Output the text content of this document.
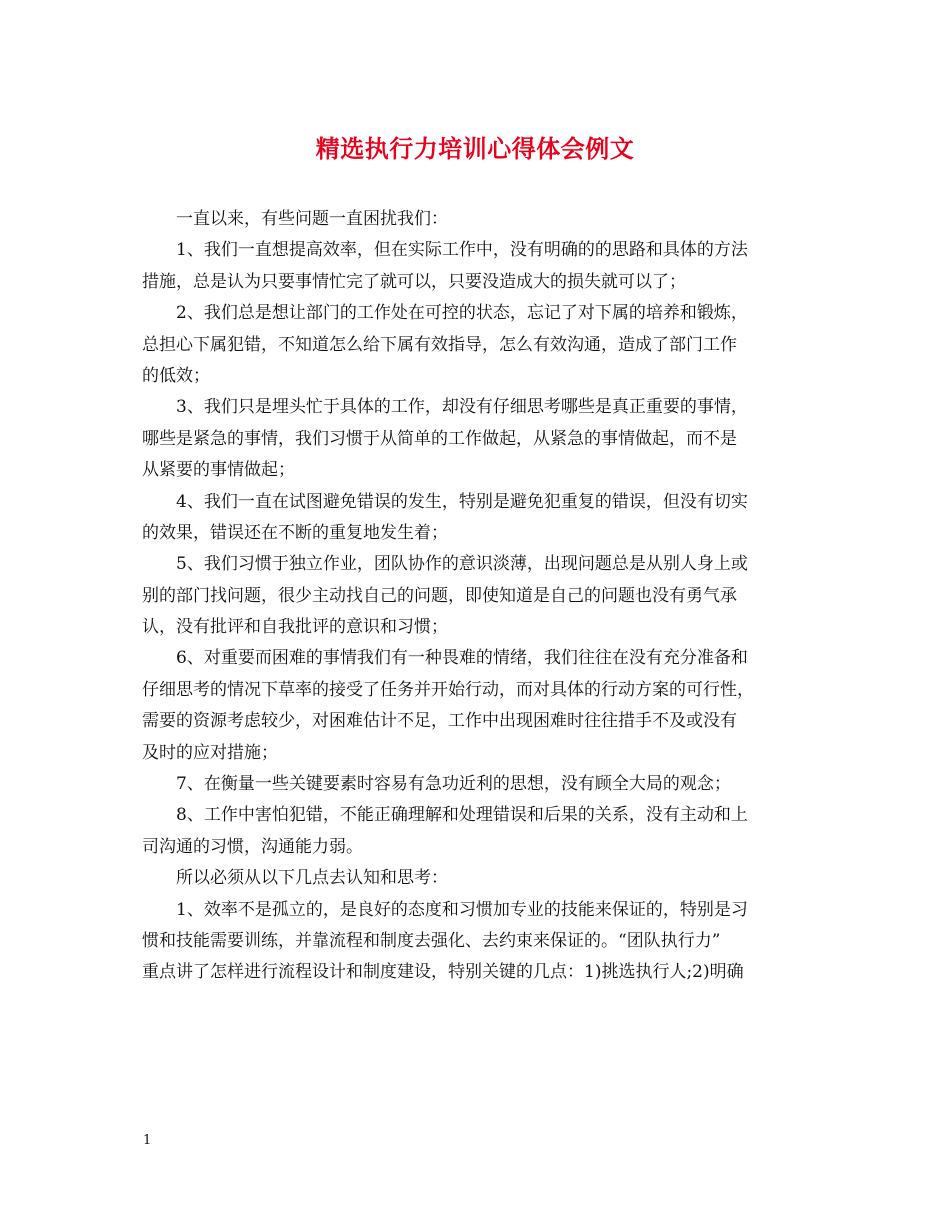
精选执行力培训心得体会例文
一直以来，有些问题一直困扰我们：
1、我们一直想提高效率，但在实际工作中，没有明确的的思路和具体的方法
措施，总是认为只要事情忙完了就可以，只要没造成大的损失就可以了；
2、我们总是想让部门的工作处在可控的状态，忘记了对下属的培养和锻炼，
总担心下属犯错，不知道怎么给下属有效指导，怎么有效沟通，造成了部门工作
的低效；
3、我们只是埋头忙于具体的工作，却没有仔细思考哪些是真正重要的事情，
哪些是紧急的事情，我们习惯于从简单的工作做起，从紧急的事情做起，而不是
从紧要的事情做起；
4、我们一直在试图避免错误的发生，特别是避免犯重复的错误，但没有切实
的效果，错误还在不断的重复地发生着；
5、我们习惯于独立作业，团队协作的意识淡薄，出现问题总是从别人身上或
别的部门找问题，很少主动找自己的问题，即使知道是自己的问题也没有勇气承
认，没有批评和自我批评的意识和习惯；
6、对重要而困难的事情我们有一种畏难的情绪，我们往往在没有充分准备和
仔细思考的情况下草率的接受了任务并开始行动，而对具体的行动方案的可行性，
需要的资源考虑较少，对困难估计不足，工作中出现困难时往往措手不及或没有
及时的应对措施；
7、在衡量一些关键要素时容易有急功近利的思想，没有顾全大局的观念；
8、工作中害怕犯错，不能正确理解和处理错误和后果的关系，没有主动和上
司沟通的习惯，沟通能力弱。
所以必须从以下几点去认知和思考：
1、效率不是孤立的，是良好的态度和习惯加专业的技能来保证的，特别是习
惯和技能需要训练，并靠流程和制度去强化、去约束来保证的。“团队执行力”
重点讲了怎样进行流程设计和制度建设，特别关键的几点：1)挑选执行人;2)明确
1
